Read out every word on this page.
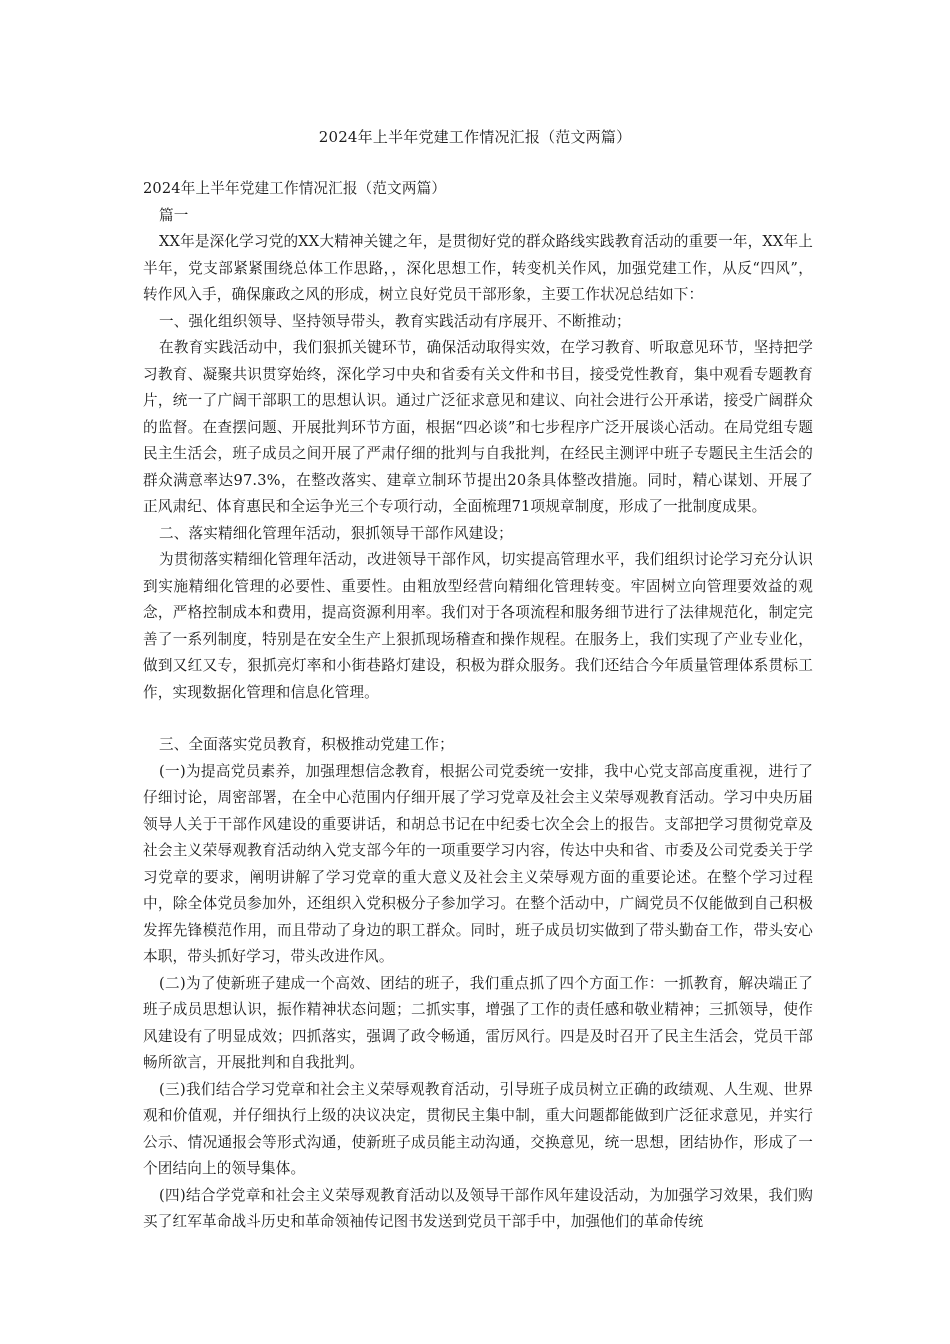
2024年上半年党建工作情况汇报（范文两篇）

2024年上半年党建工作情况汇报（范文两篇）

篇一

XX年是深化学习党的XX大精神关键之年，是贯彻好党的群众路线实践教育活动的重要一年，XX年上半年，党支部紧紧围绕总体工作思路，，深化思想工作，转变机关作风，加强党建工作，从反“四风”，转作风入手，确保廉政之风的形成，树立良好党员干部形象，主要工作状况总结如下：

一、强化组织领导、坚持领导带头，教育实践活动有序展开、不断推动；

在教育实践活动中，我们狠抓关键环节，确保活动取得实效，在学习教育、听取意见环节，坚持把学习教育、凝聚共识贯穿始终，深化学习中央和省委有关文件和书目，接受党性教育，集中观看专题教育片，统一了广阔干部职工的思想认识。通过广泛征求意见和建议、向社会进行公开承诺，接受广阔群众的监督。在查摆问题、开展批判环节方面，根据“四必谈”和七步程序广泛开展谈心活动。在局党组专题民主生活会，班子成员之间开展了严肃仔细的批判与自我批判，在经民主测评中班子专题民主生活会的群众满意率达97.3%，在整改落实、建章立制环节提出20条具体整改措施。同时，精心谋划、开展了正风肃纪、体育惠民和全运争光三个专项行动，全面梳理71项规章制度，形成了一批制度成果。

二、落实精细化管理年活动，狠抓领导干部作风建设；

为贯彻落实精细化管理年活动，改进领导干部作风，切实提高管理水平，我们组织讨论学习充分认识到实施精细化管理的必要性、重要性。由粗放型经营向精细化管理转变。牢固树立向管理要效益的观念，严格控制成本和费用，提高资源利用率。我们对于各项流程和服务细节进行了法律规范化，制定完善了一系列制度，特别是在安全生产上狠抓现场稽查和操作规程。在服务上，我们实现了产业专业化，做到又红又专，狠抓亮灯率和小街巷路灯建设，积极为群众服务。我们还结合今年质量管理体系贯标工作，实现数据化管理和信息化管理。

三、全面落实党员教育，积极推动党建工作；

(一)为提高党员素养，加强理想信念教育，根据公司党委统一安排，我中心党支部高度重视，进行了仔细讨论，周密部署，在全中心范围内仔细开展了学习党章及社会主义荣辱观教育活动。学习中央历届领导人关于干部作风建设的重要讲话，和胡总书记在中纪委七次全会上的报告。支部把学习贯彻党章及社会主义荣辱观教育活动纳入党支部今年的一项重要学习内容，传达中央和省、市委及公司党委关于学习党章的要求，阐明讲解了学习党章的重大意义及社会主义荣辱观方面的重要论述。在整个学习过程中，除全体党员参加外，还组织入党积极分子参加学习。在整个活动中，广阔党员不仅能做到自己积极发挥先锋模范作用，而且带动了身边的职工群众。同时，班子成员切实做到了带头勤奋工作，带头安心本职，带头抓好学习，带头改进作风。

(二)为了使新班子建成一个高效、团结的班子，我们重点抓了四个方面工作：一抓教育，解决端正了班子成员思想认识，振作精神状态问题；二抓实事，增强了工作的责任感和敬业精神；三抓领导，使作风建设有了明显成效；四抓落实，强调了政令畅通，雷厉风行。四是及时召开了民主生活会，党员干部畅所欲言，开展批判和自我批判。

(三)我们结合学习党章和社会主义荣辱观教育活动，引导班子成员树立正确的政绩观、人生观、世界观和价值观，并仔细执行上级的决议决定，贯彻民主集中制，重大问题都能做到广泛征求意见，并实行公示、情况通报会等形式沟通，使新班子成员能主动沟通，交换意见，统一思想，团结协作，形成了一个团结向上的领导集体。

(四)结合学党章和社会主义荣辱观教育活动以及领导干部作风年建设活动，为加强学习效果，我们购买了红军革命战斗历史和革命领袖传记图书发送到党员干部手中，加强他们的革命传统
